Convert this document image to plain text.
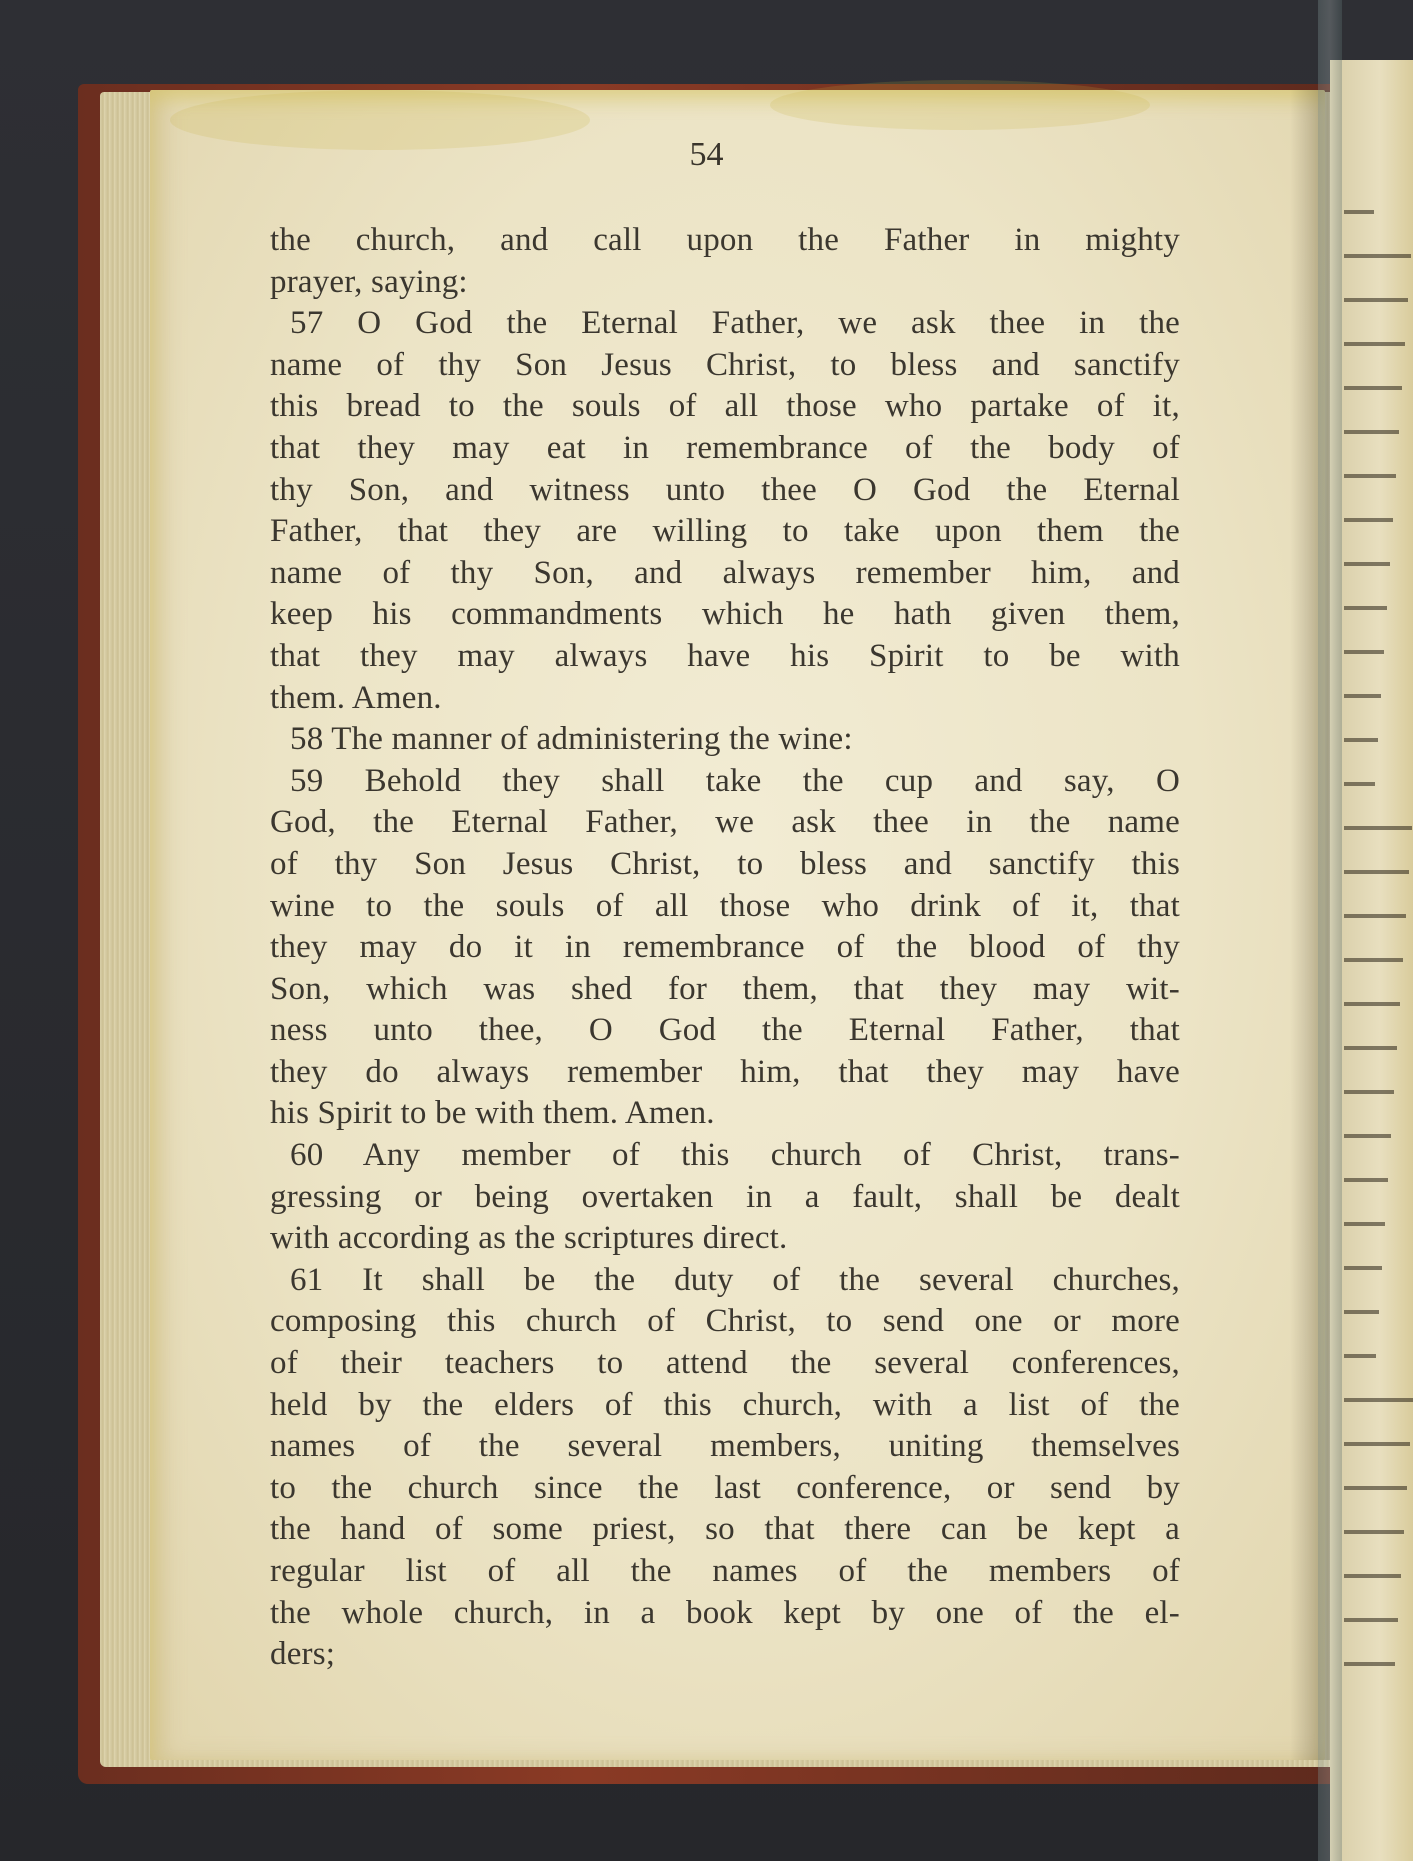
54
the church, and call upon the Father in mighty
prayer, saying:
57 O God the Eternal Father, we ask thee in the
name of thy Son Jesus Christ, to bless and sanctify
this bread to the souls of all those who partake of it,
that they may eat in remembrance of the body of
thy Son, and witness unto thee O God the Eternal
Father, that they are willing to take upon them the
name of thy Son, and always remember him, and
keep his commandments which he hath given them,
that they may always have his Spirit to be with
them. Amen.
58 The manner of administering the wine:
59 Behold they shall take the cup and say, O
God, the Eternal Father, we ask thee in the name
of thy Son Jesus Christ, to bless and sanctify this
wine to the souls of all those who drink of it, that
they may do it in remembrance of the blood of thy
Son, which was shed for them, that they may wit-
ness unto thee, O God the Eternal Father, that
they do always remember him, that they may have
his Spirit to be with them. Amen.
60 Any member of this church of Christ, trans-
gressing or being overtaken in a fault, shall be dealt
with according as the scriptures direct.
61 It shall be the duty of the several churches,
composing this church of Christ, to send one or more
of their teachers to attend the several conferences,
held by the elders of this church, with a list of the
names of the several members, uniting themselves
to the church since the last conference, or send by
the hand of some priest, so that there can be kept a
regular list of all the names of the members of
the whole church, in a book kept by one of the el-
ders;
